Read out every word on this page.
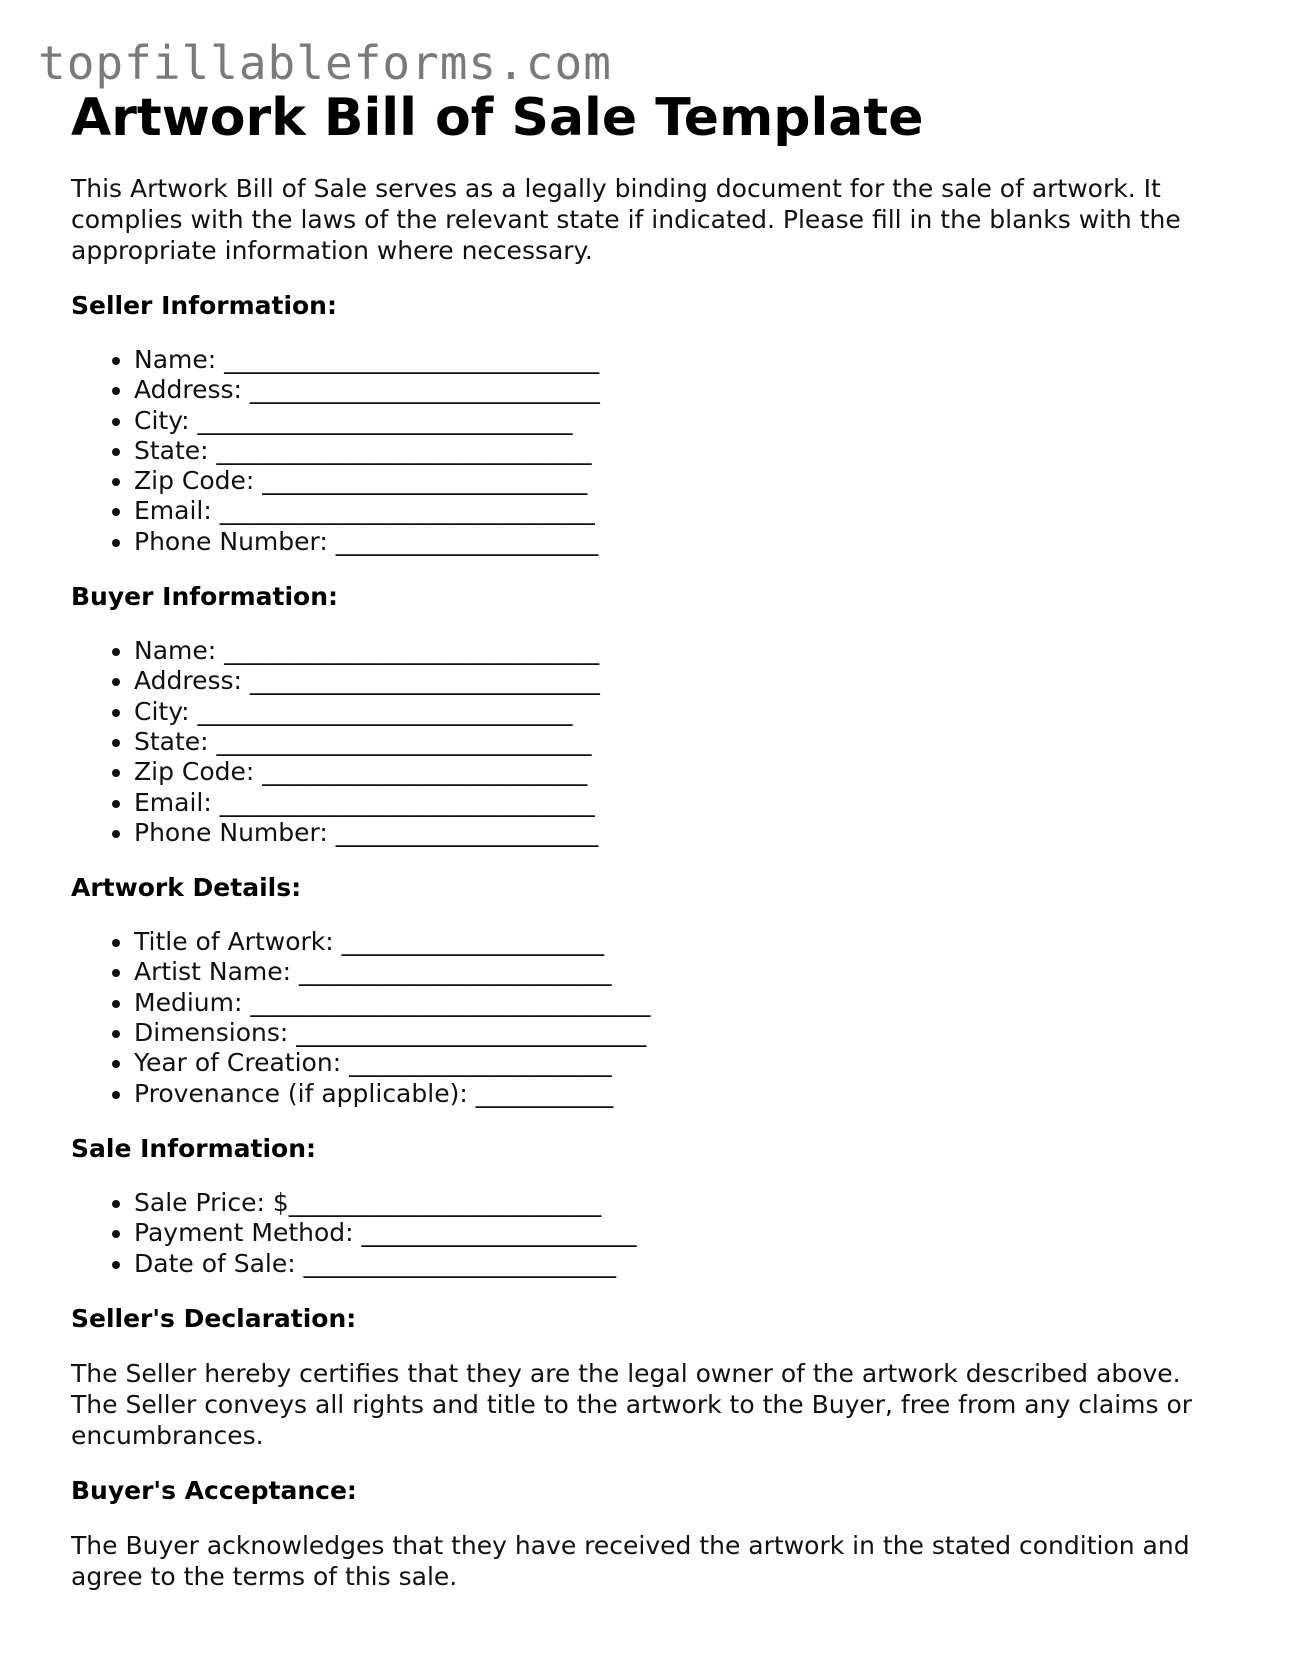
topfillableforms.com
Artwork Bill of Sale Template

This Artwork Bill of Sale serves as a legally binding document for the sale of artwork. It complies with the laws of the relevant state if indicated. Please fill in the blanks with the appropriate information where necessary.

Seller Information:
• Name: ______________________________
• Address: ____________________________
• City: ______________________________
• State: ______________________________
• Zip Code: __________________________
• Email: ______________________________
• Phone Number: _____________________
Buyer Information:
• Name: ______________________________
• Address: ____________________________
• City: ______________________________
• State: ______________________________
• Zip Code: __________________________
• Email: ______________________________
• Phone Number: _____________________
Artwork Details:
• Title of Artwork: _____________________
• Artist Name: _________________________
• Medium: ________________________________
• Dimensions: ____________________________
• Year of Creation: _____________________
• Provenance (if applicable): ___________
Sale Information:
• Sale Price: $_________________________
• Payment Method: ______________________
• Date of Sale: _________________________
Seller's Declaration:

The Seller hereby certifies that they are the legal owner of the artwork described above. The Seller conveys all rights and title to the artwork to the Buyer, free from any claims or encumbrances.

Buyer's Acceptance:

The Buyer acknowledges that they have received the artwork in the stated condition and agree to the terms of this sale.
